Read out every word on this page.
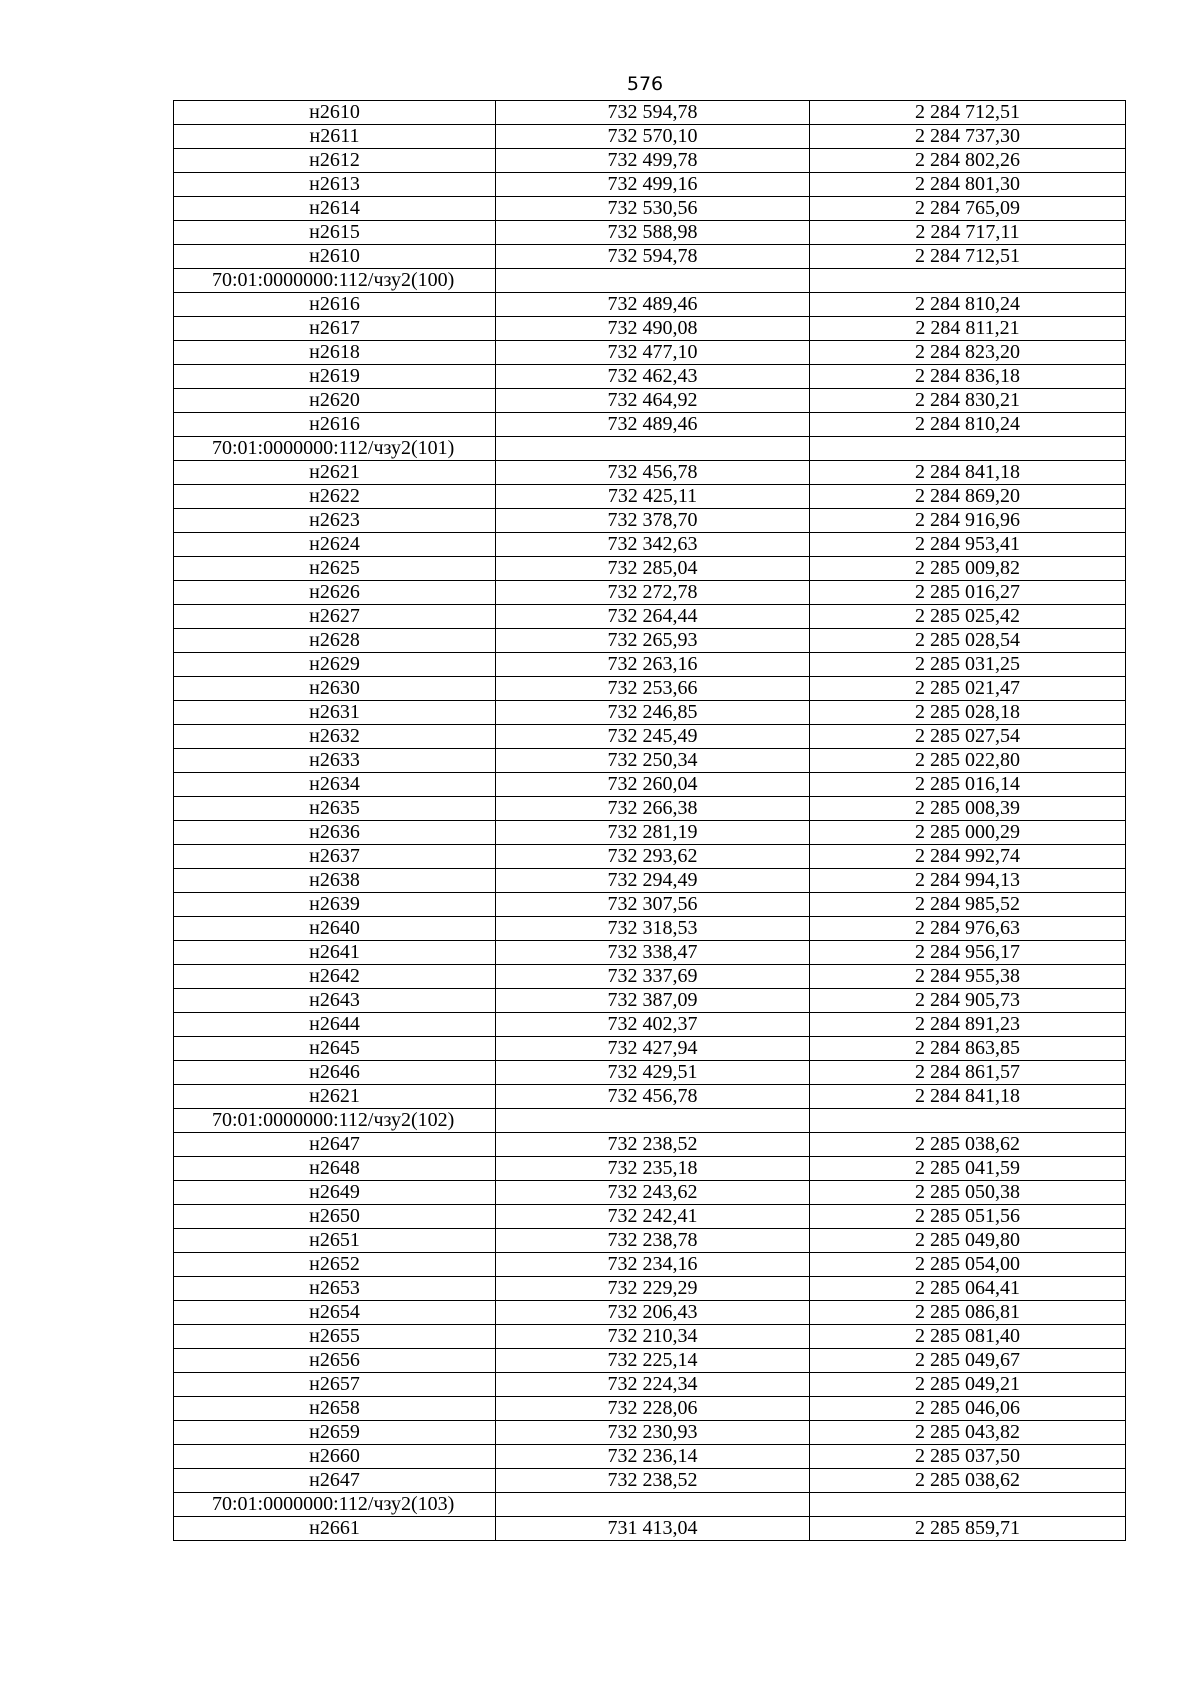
576
н2610	732 594,78	2 284 712,51
н2611	732 570,10	2 284 737,30
н2612	732 499,78	2 284 802,26
н2613	732 499,16	2 284 801,30
н2614	732 530,56	2 284 765,09
н2615	732 588,98	2 284 717,11
н2610	732 594,78	2 284 712,51
70:01:0000000:112/чзу2(100)		
н2616	732 489,46	2 284 810,24
н2617	732 490,08	2 284 811,21
н2618	732 477,10	2 284 823,20
н2619	732 462,43	2 284 836,18
н2620	732 464,92	2 284 830,21
н2616	732 489,46	2 284 810,24
70:01:0000000:112/чзу2(101)		
н2621	732 456,78	2 284 841,18
н2622	732 425,11	2 284 869,20
н2623	732 378,70	2 284 916,96
н2624	732 342,63	2 284 953,41
н2625	732 285,04	2 285 009,82
н2626	732 272,78	2 285 016,27
н2627	732 264,44	2 285 025,42
н2628	732 265,93	2 285 028,54
н2629	732 263,16	2 285 031,25
н2630	732 253,66	2 285 021,47
н2631	732 246,85	2 285 028,18
н2632	732 245,49	2 285 027,54
н2633	732 250,34	2 285 022,80
н2634	732 260,04	2 285 016,14
н2635	732 266,38	2 285 008,39
н2636	732 281,19	2 285 000,29
н2637	732 293,62	2 284 992,74
н2638	732 294,49	2 284 994,13
н2639	732 307,56	2 284 985,52
н2640	732 318,53	2 284 976,63
н2641	732 338,47	2 284 956,17
н2642	732 337,69	2 284 955,38
н2643	732 387,09	2 284 905,73
н2644	732 402,37	2 284 891,23
н2645	732 427,94	2 284 863,85
н2646	732 429,51	2 284 861,57
н2621	732 456,78	2 284 841,18
70:01:0000000:112/чзу2(102)		
н2647	732 238,52	2 285 038,62
н2648	732 235,18	2 285 041,59
н2649	732 243,62	2 285 050,38
н2650	732 242,41	2 285 051,56
н2651	732 238,78	2 285 049,80
н2652	732 234,16	2 285 054,00
н2653	732 229,29	2 285 064,41
н2654	732 206,43	2 285 086,81
н2655	732 210,34	2 285 081,40
н2656	732 225,14	2 285 049,67
н2657	732 224,34	2 285 049,21
н2658	732 228,06	2 285 046,06
н2659	732 230,93	2 285 043,82
н2660	732 236,14	2 285 037,50
н2647	732 238,52	2 285 038,62
70:01:0000000:112/чзу2(103)		
н2661	731 413,04	2 285 859,71
